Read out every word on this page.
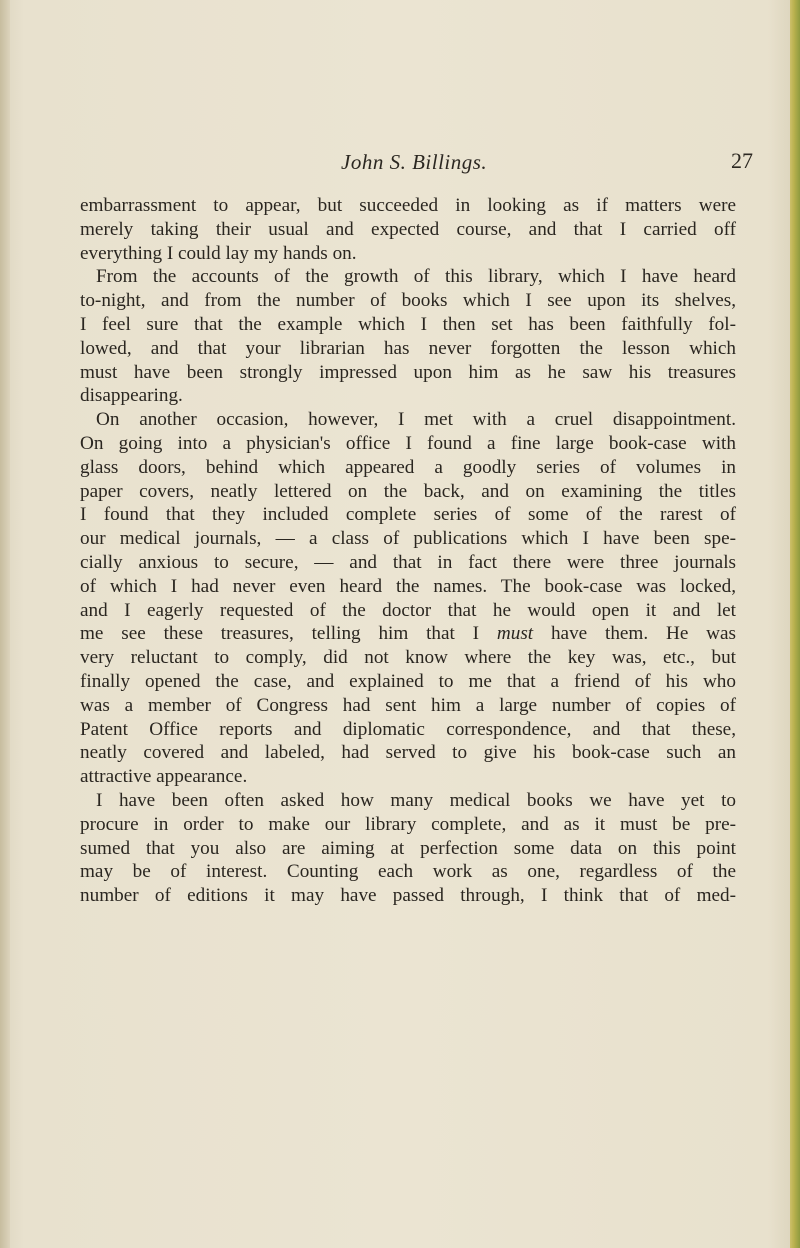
John S. Billings.	27
embarrassment to appear, but succeeded in looking as if matters were
merely taking their usual and expected course, and that I carried off
everything I could lay my hands on.
From the accounts of the growth of this library, which I have heard
to-night, and from the number of books which I see upon its shelves,
I feel sure that the example which I then set has been faithfully fol-
lowed, and that your librarian has never forgotten the lesson which
must have been strongly impressed upon him as he saw his treasures
disappearing.
On another occasion, however, I met with a cruel disappointment.
On going into a physician's office I found a fine large book-case with
glass doors, behind which appeared a goodly series of volumes in
paper covers, neatly lettered on the back, and on examining the titles
I found that they included complete series of some of the rarest of
our medical journals, — a class of publications which I have been spe-
cially anxious to secure, — and that in fact there were three journals
of which I had never even heard the names. The book-case was locked,
and I eagerly requested of the doctor that he would open it and let
me see these treasures, telling him that I must have them. He was
very reluctant to comply, did not know where the key was, etc., but
finally opened the case, and explained to me that a friend of his who
was a member of Congress had sent him a large number of copies of
Patent Office reports and diplomatic correspondence, and that these,
neatly covered and labeled, had served to give his book-case such an
attractive appearance.
I have been often asked how many medical books we have yet to
procure in order to make our library complete, and as it must be pre-
sumed that you also are aiming at perfection some data on this point
may be of interest. Counting each work as one, regardless of the
number of editions it may have passed through, I think that of med-
